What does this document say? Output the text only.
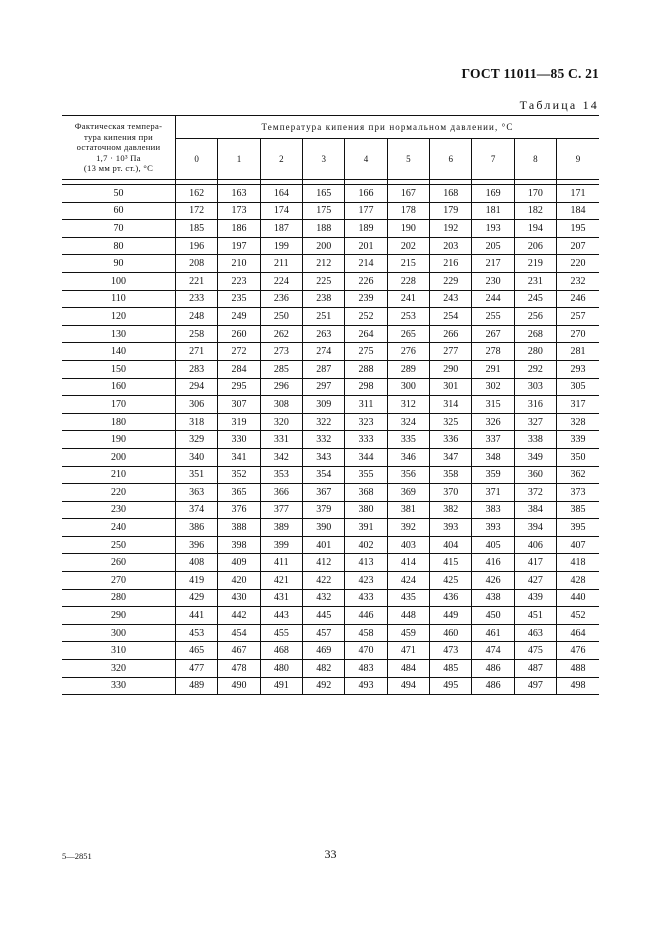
ГОСТ 11011—85 С. 21
Таблица 14
Фактическая темпера-
тура кипения при
остаточном давлении
1,7 · 10³ Па
(13 мм рт. ст.), °С	Температура кипения при нормальном давлении, °С									
	0	1	2	3	4	5	6	7	8	9

50	162	163	164	165	166	167	168	169	170	171
60	172	173	174	175	177	178	179	181	182	184
70	185	186	187	188	189	190	192	193	194	195
80	196	197	199	200	201	202	203	205	206	207
90	208	210	211	212	214	215	216	217	219	220
100	221	223	224	225	226	228	229	230	231	232
110	233	235	236	238	239	241	243	244	245	246
120	248	249	250	251	252	253	254	255	256	257
130	258	260	262	263	264	265	266	267	268	270
140	271	272	273	274	275	276	277	278	280	281
150	283	284	285	287	288	289	290	291	292	293
160	294	295	296	297	298	300	301	302	303	305
170	306	307	308	309	311	312	314	315	316	317
180	318	319	320	322	323	324	325	326	327	328
190	329	330	331	332	333	335	336	337	338	339
200	340	341	342	343	344	346	347	348	349	350
210	351	352	353	354	355	356	358	359	360	362
220	363	365	366	367	368	369	370	371	372	373
230	374	376	377	379	380	381	382	383	384	385
240	386	388	389	390	391	392	393	393	394	395
250	396	398	399	401	402	403	404	405	406	407
260	408	409	411	412	413	414	415	416	417	418
270	419	420	421	422	423	424	425	426	427	428
280	429	430	431	432	433	435	436	438	439	440
290	441	442	443	445	446	448	449	450	451	452
300	453	454	455	457	458	459	460	461	463	464
310	465	467	468	469	470	471	473	474	475	476
320	477	478	480	482	483	484	485	486	487	488
330	489	490	491	492	493	494	495	486	497	498
5—2851	33
